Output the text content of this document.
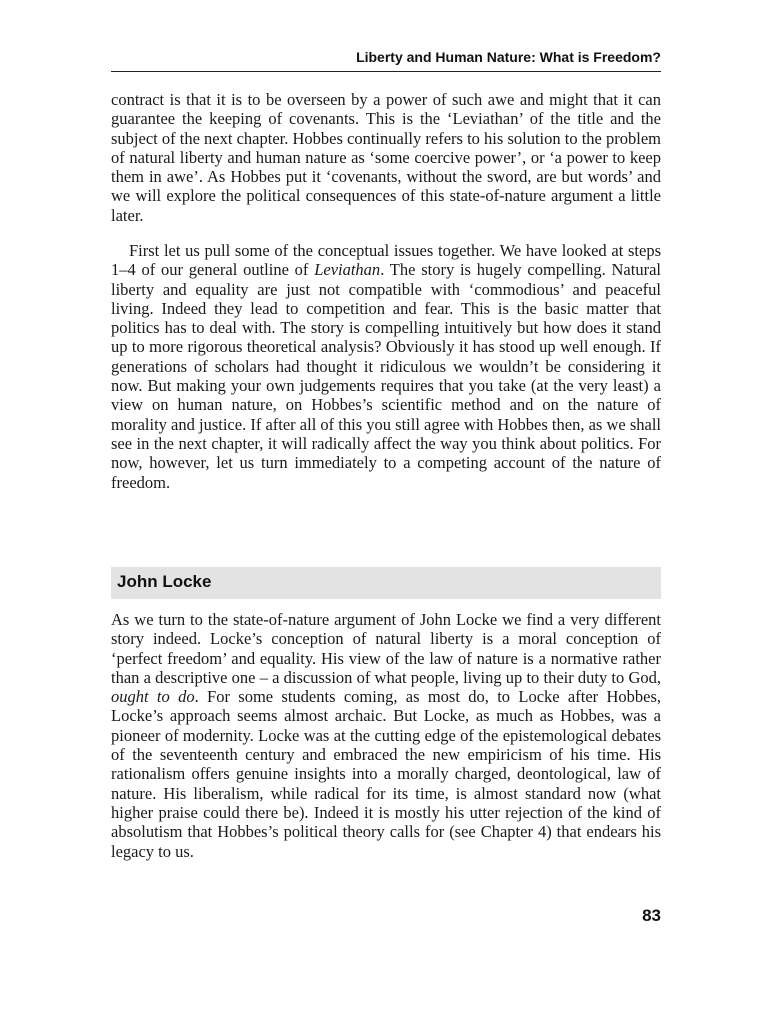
Liberty and Human Nature: What is Freedom?

contract is that it is to be overseen by a power of such awe and might that it can guarantee the keeping of covenants. This is the ‘Leviathan’ of the title and the subject of the next chapter. Hobbes continually refers to his solution to the problem of natural liberty and human nature as ‘some coercive power’, or ‘a power to keep them in awe’. As Hobbes put it ‘covenants, without the sword, are but words’ and we will explore the political consequences of this state-of-nature argument a little later.

First let us pull some of the conceptual issues together. We have looked at steps 1–4 of our general outline of Leviathan. The story is hugely compelling. Natural liberty and equality are just not compatible with ‘commodious’ and peaceful living. Indeed they lead to competition and fear. This is the basic matter that politics has to deal with. The story is compelling intuitively but how does it stand up to more rigorous theoretical analysis? Obviously it has stood up well enough. If generations of scholars had thought it ridiculous we wouldn’t be considering it now. But making your own judgements requires that you take (at the very least) a view on human nature, on Hobbes’s scientific method and on the nature of morality and justice. If after all of this you still agree with Hobbes then, as we shall see in the next chapter, it will radically affect the way you think about politics. For now, however, let us turn immediately to a competing account of the nature of freedom.

John Locke

As we turn to the state-of-nature argument of John Locke we find a very different story indeed. Locke’s conception of natural liberty is a moral conception of ‘perfect freedom’ and equality. His view of the law of nature is a normative rather than a descriptive one – a discussion of what people, living up to their duty to God, ought to do. For some students coming, as most do, to Locke after Hobbes, Locke’s approach seems almost archaic. But Locke, as much as Hobbes, was a pioneer of modernity. Locke was at the cutting edge of the epistemological debates of the seventeenth century and embraced the new empiricism of his time. His rationalism offers genuine insights into a morally charged, deontological, law of nature. His liberalism, while radical for its time, is almost standard now (what higher praise could there be). Indeed it is mostly his utter rejection of the kind of absolutism that Hobbes’s political theory calls for (see Chapter 4) that endears his legacy to us.

83
